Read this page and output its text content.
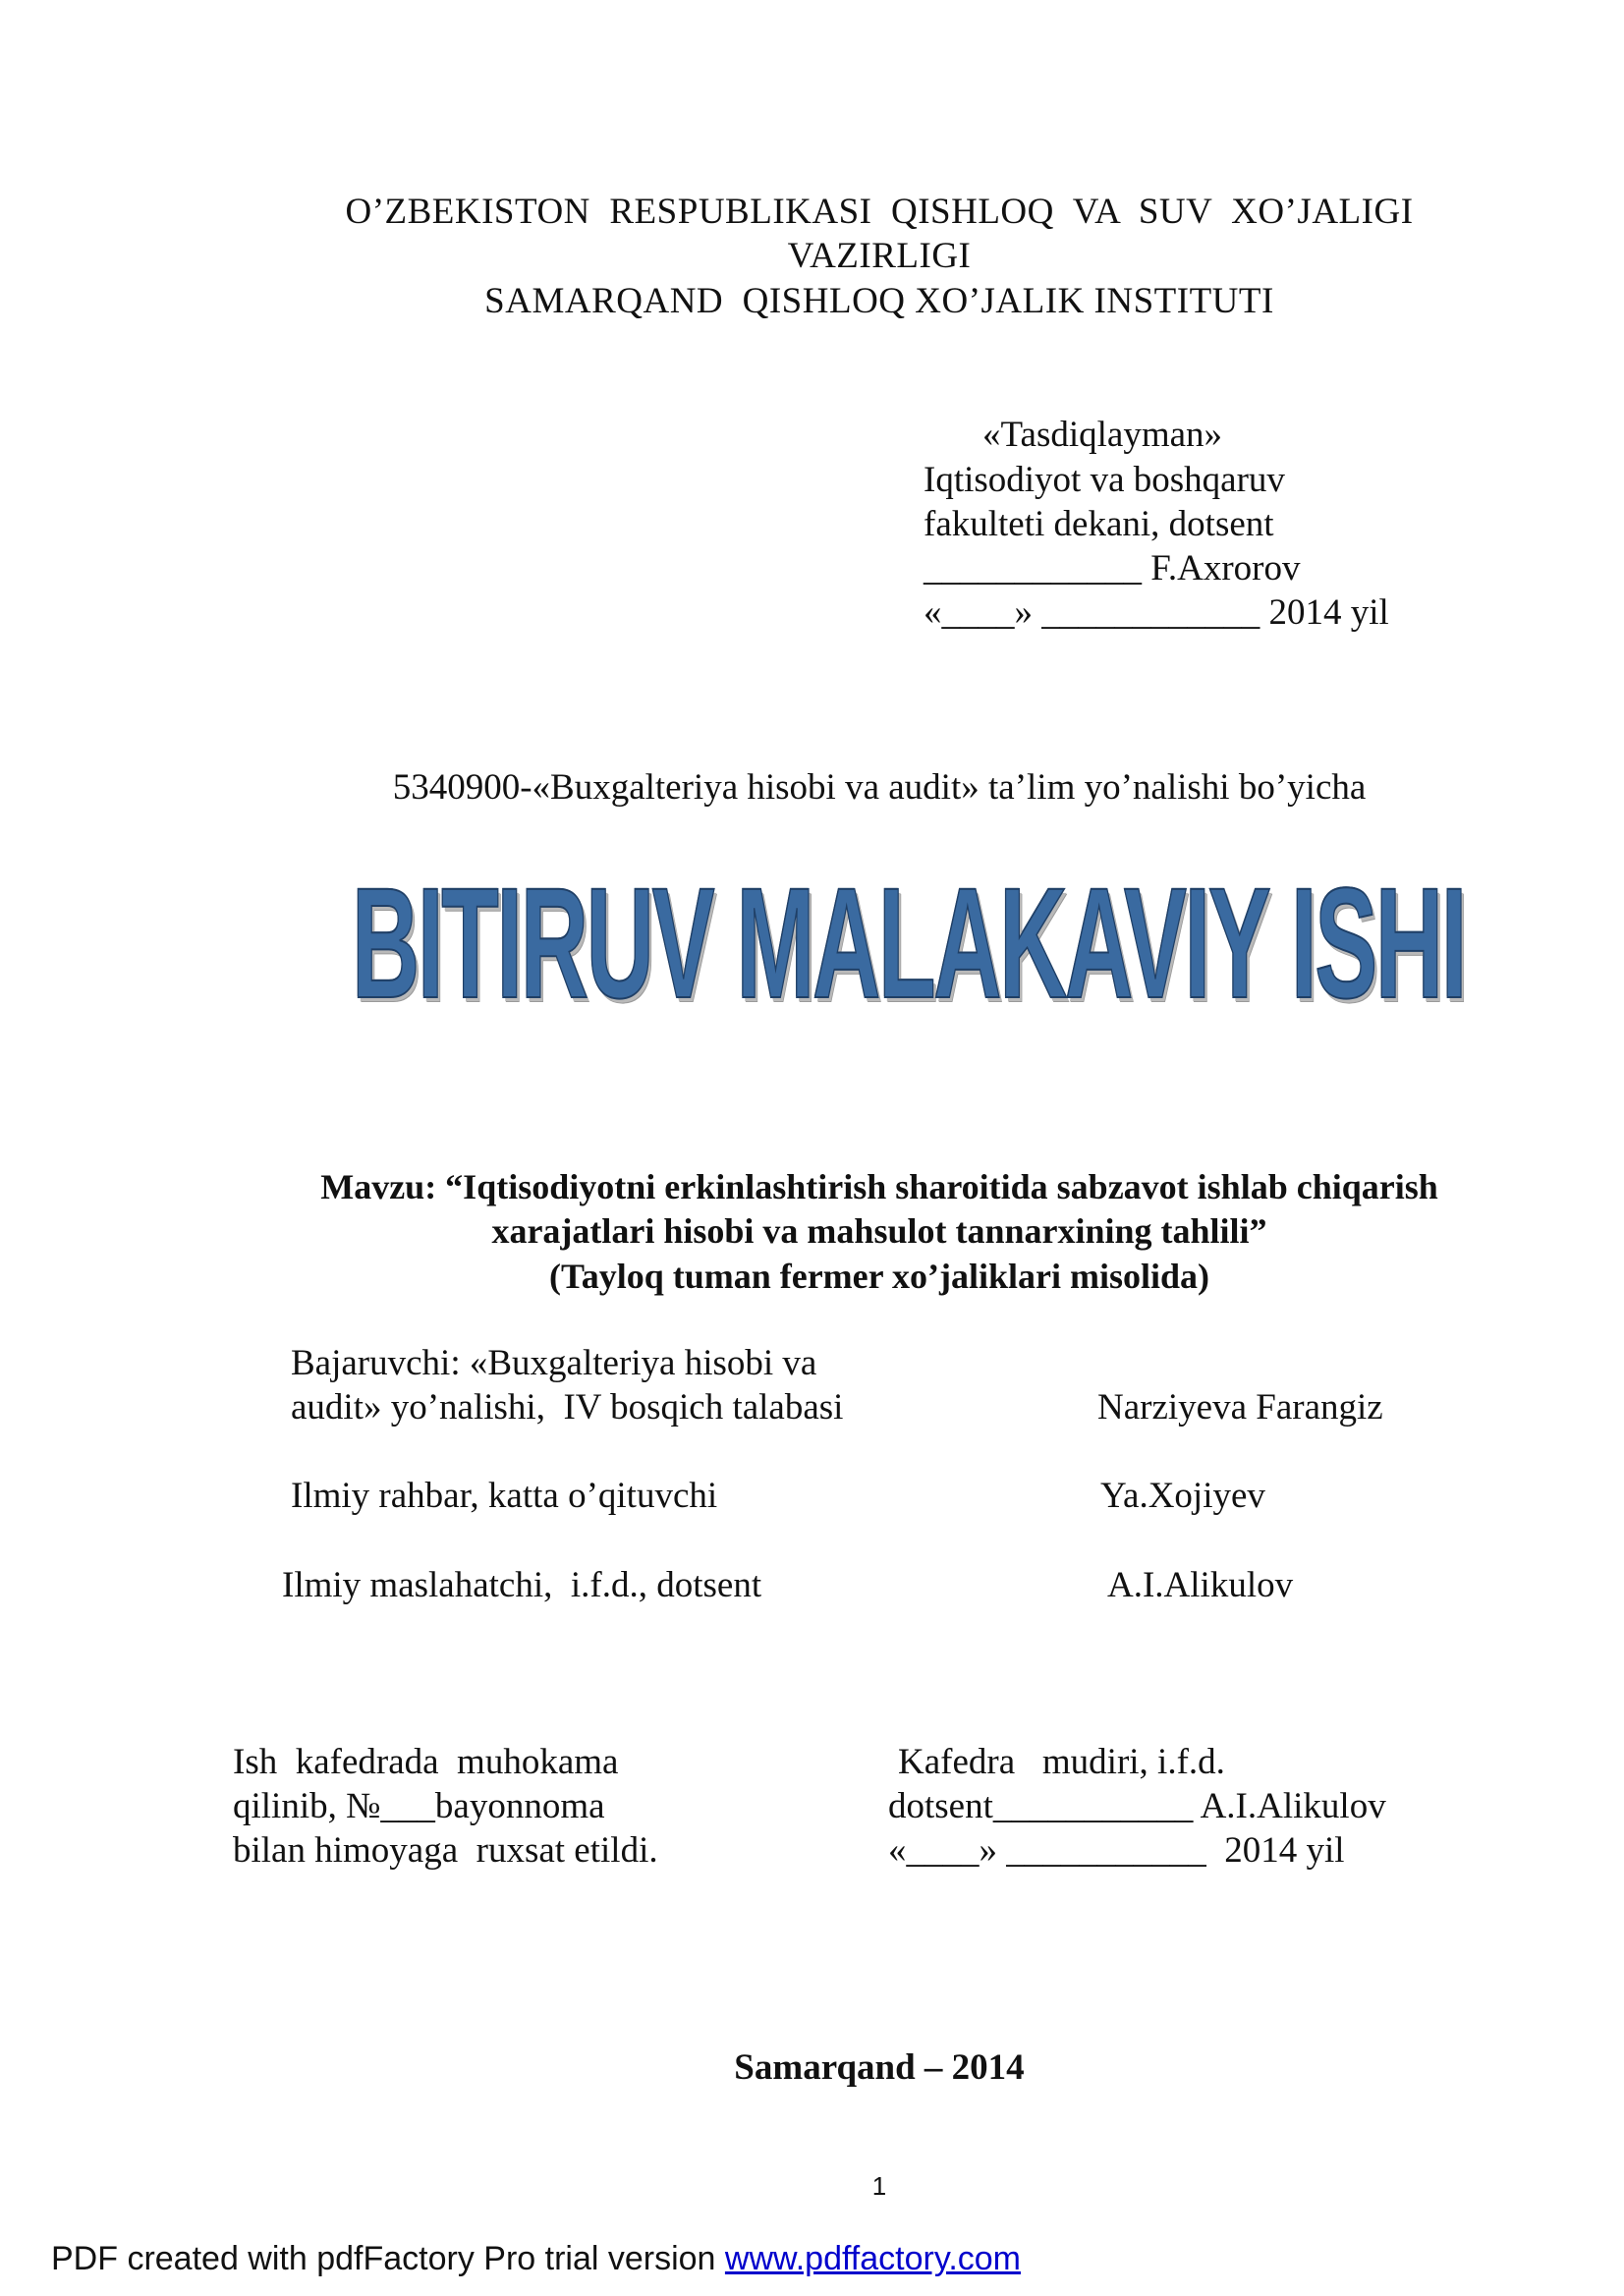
O’ZBEKISTON  RESPUBLIKASI  QISHLOQ  VA  SUV  XO’JALIGI
VAZIRLIGI
SAMARQAND  QISHLOQ XO’JALIK INSTITUTI
«Tasdiqlayman»
Iqtisodiyot va boshqaruv
fakulteti dekani, dotsent
____________ F.Axrorov
«____» ____________ 2014 yil
5340900-«Buxgalteriya hisobi va audit» ta’lim yo’nalishi bo’yicha
BITIRUV MALAKAVIY ISHI
Mavzu: “Iqtisodiyotni erkinlashtirish sharoitida sabzavot ishlab chiqarish
xarajatlari hisobi va mahsulot tannarxining tahlili”
(Tayloq tuman fermer xo’jaliklari misolida)
Bajaruvchi: «Buxgalteriya hisobi va
audit» yo’nalishi,  IV bosqich talabasi	Narziyeva Farangiz
Ilmiy rahbar, katta o’qituvchi	Ya.Xojiyev
Ilmiy maslahatchi,  i.f.d., dotsent	A.I.Alikulov
Ish  kafedrada  muhokama
qilinib, №___bayonnoma
bilan himoyaga  ruxsat etildi.
Kafedra   mudiri, i.f.d.
dotsent___________ A.I.Alikulov
«____» ___________  2014 yil
Samarqand – 2014
1
PDF created with pdfFactory Pro trial version www.pdffactory.com
